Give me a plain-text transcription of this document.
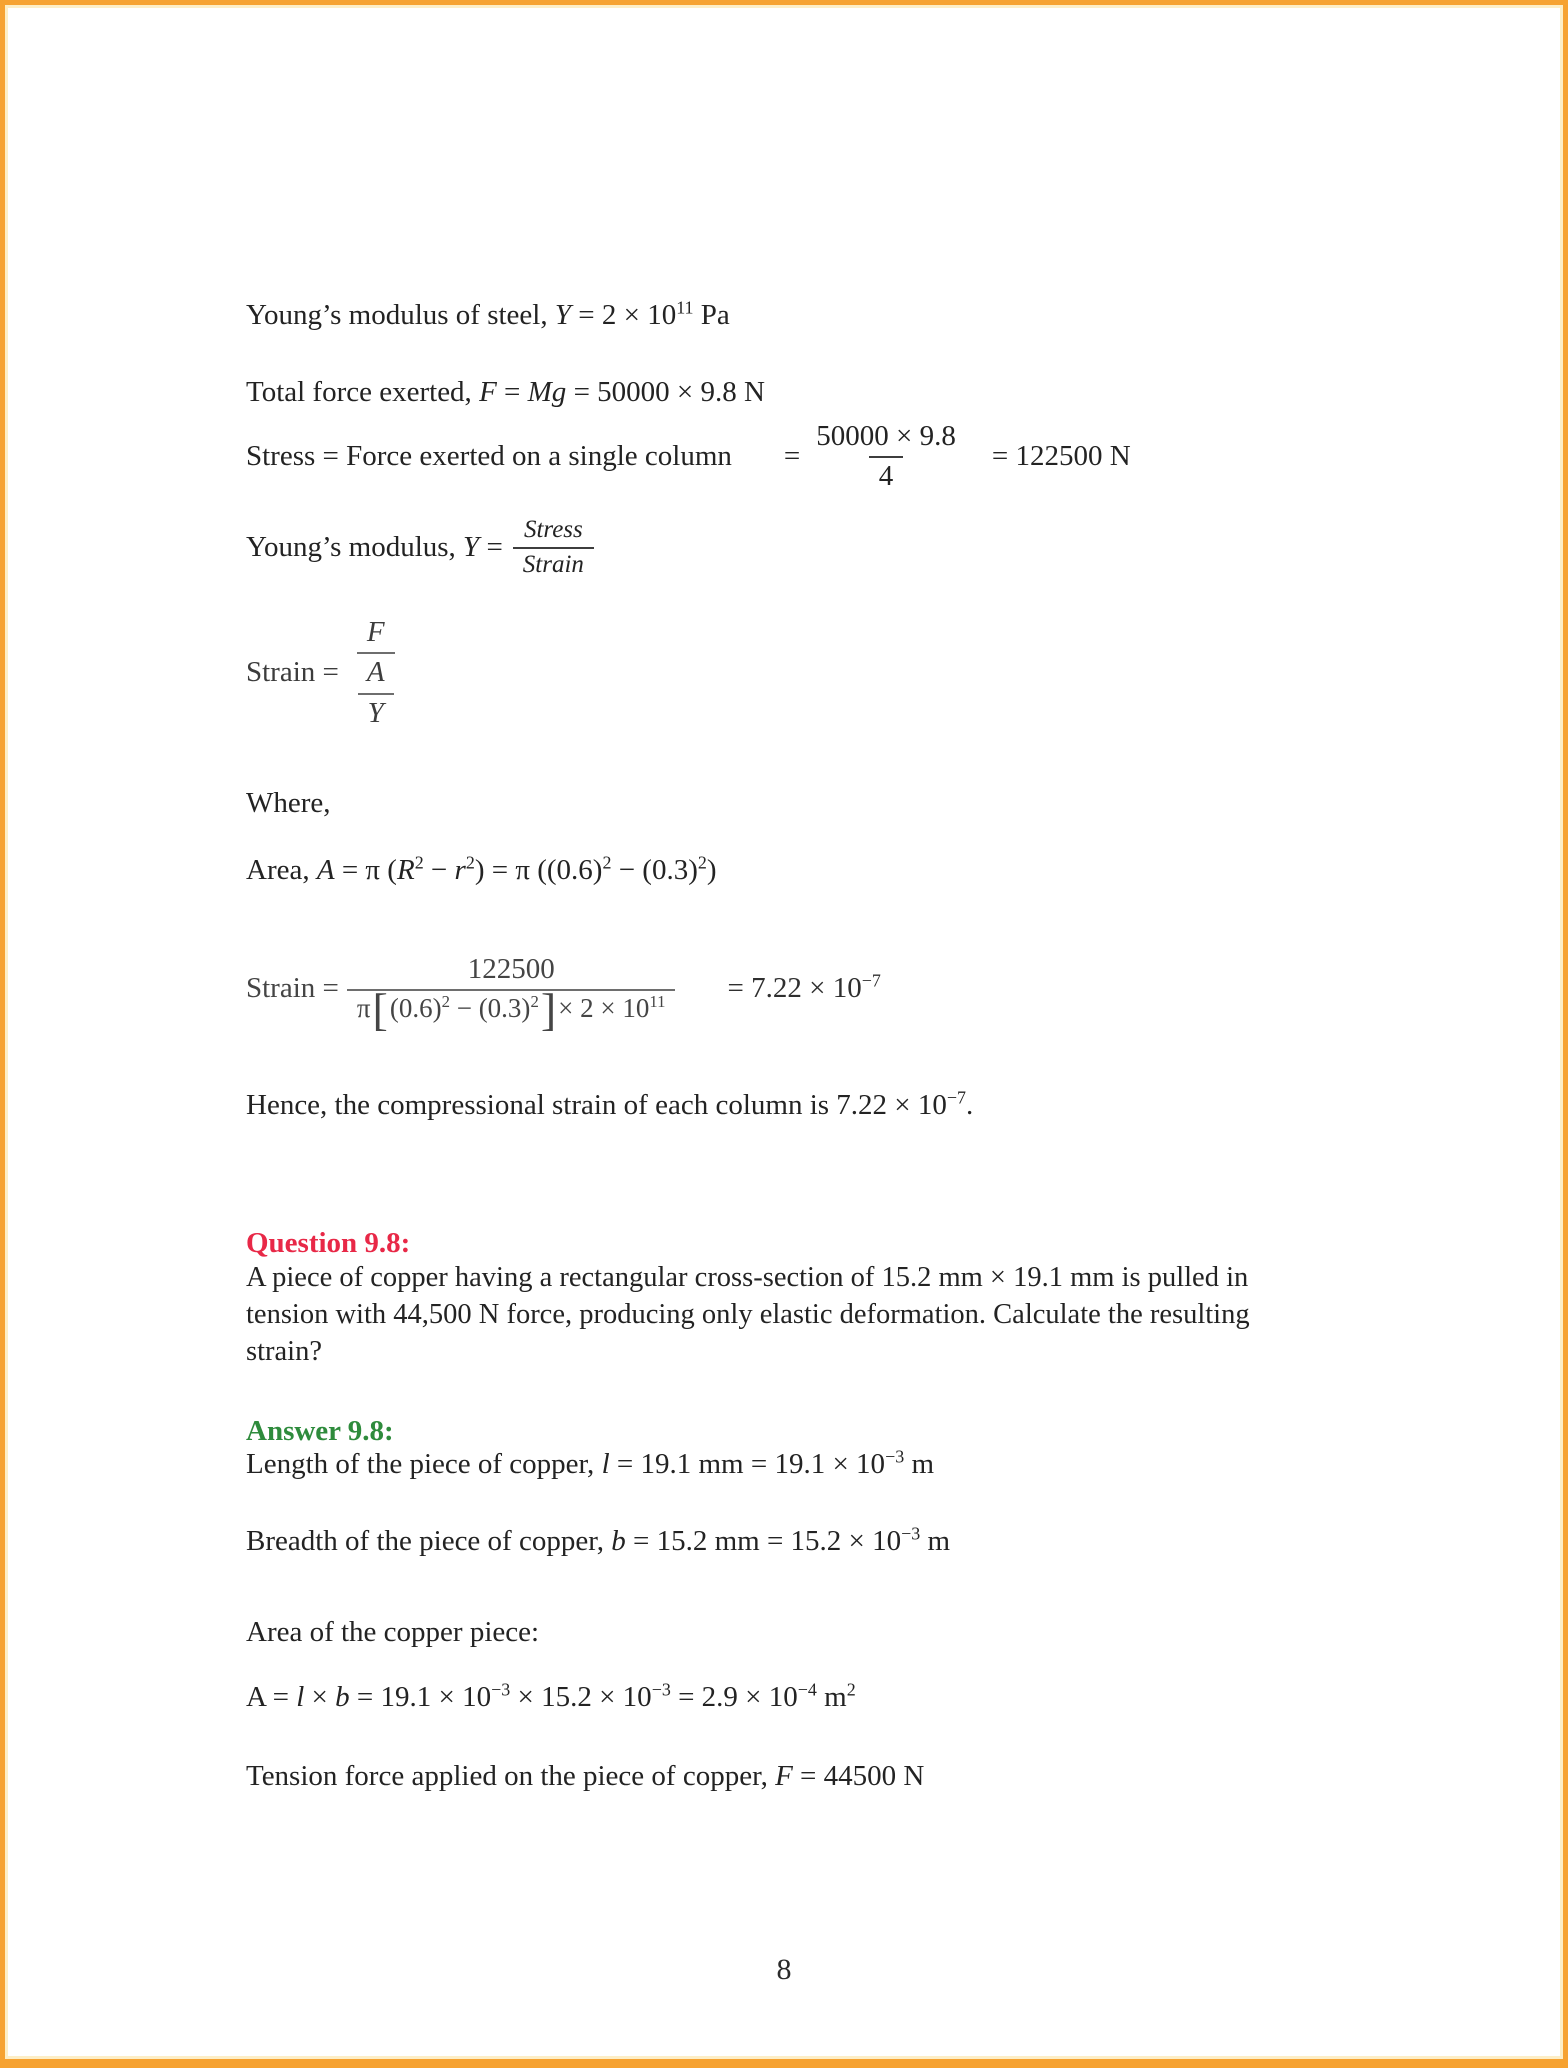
Young’s modulus of steel, $Y = 2 \times 10^{11}$ Pa
Total force exerted, F = Mg = 50000 × 9.8 N
Stress = Force exerted on a single column = $\frac{50000 \times 9.8}{4} = 122500$ N
Young’s modulus, $Y = \frac{\text{Stress}}{\text{Strain}}$
Strain = $\frac{\frac{F}{A}}{Y}$
Where,
Area, A = π $(R^2 - r^2) = \pi$ $((0.6)^2 - (0.3)^2)$
Strain =
122500
π [ $(0.6)^2 - (0.3)^2$ ] × $2 \times 10^{11} = 7.22 \times 10^{-7}$
Hence, the compressional strain of each column is $7.22 \times 10^{-7}$.
Question 9.8:
A piece of copper having a rectangular cross-section of 15.2 mm × 19.1 mm is pulled in
tension with 44,500 N force, producing only elastic deformation. Calculate the resulting
strain?
Answer 9.8:
Length of the piece of copper, l = 19.1 mm = $19.1 \times 10^{-3}$ m
Breadth of the piece of copper, b = 15.2 mm = $15.2 \times 10^{-3}$ m
Area of the copper piece:
$A = l \times b = 19.1 \times 10^{-3} \times 15.2 \times 10^{-3} = 2.9 \times 10^{-4}$ $m^2$
Tension force applied on the piece of copper, F = 44500 N
8
